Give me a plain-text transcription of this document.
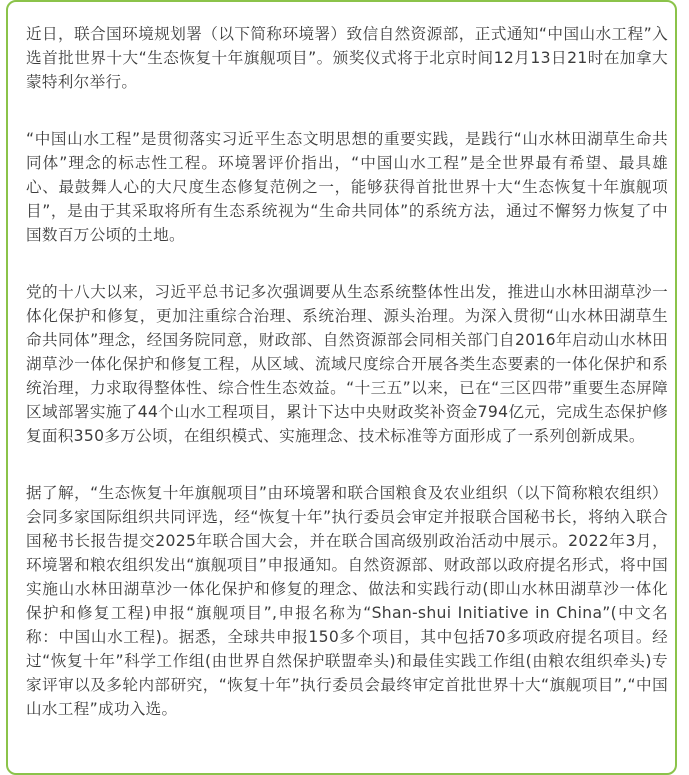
近日，联合国环境规划署（以下简称环境署）致信自然资源部，正式通知“中国山水工程”入选首批世界十大“生态恢复十年旗舰项目”。颁奖仪式将于北京时间12月13日21时在加拿大蒙特利尔举行。

“中国山水工程”是贯彻落实习近平生态文明思想的重要实践，是践行“山水林田湖草生命共同体”理念的标志性工程。环境署评价指出，“中国山水工程”是全世界最有希望、最具雄心、最鼓舞人心的大尺度生态修复范例之一，能够获得首批世界十大“生态恢复十年旗舰项目”，是由于其采取将所有生态系统视为“生命共同体”的系统方法，通过不懈努力恢复了中国数百万公顷的土地。

党的十八大以来，习近平总书记多次强调要从生态系统整体性出发，推进山水林田湖草沙一体化保护和修复，更加注重综合治理、系统治理、源头治理。为深入贯彻“山水林田湖草生命共同体”理念，经国务院同意，财政部、自然资源部会同相关部门自2016年启动山水林田湖草沙一体化保护和修复工程，从区域、流域尺度综合开展各类生态要素的一体化保护和系统治理，力求取得整体性、综合性生态效益。“十三五”以来，已在“三区四带”重要生态屏障区域部署实施了44个山水工程项目，累计下达中央财政奖补资金794亿元，完成生态保护修复面积350多万公顷，在组织模式、实施理念、技术标准等方面形成了一系列创新成果。

据了解，“生态恢复十年旗舰项目”由环境署和联合国粮食及农业组织（以下简称粮农组织）会同多家国际组织共同评选，经“恢复十年”执行委员会审定并报联合国秘书长，将纳入联合国秘书长报告提交2025年联合国大会，并在联合国高级别政治活动中展示。2022年3月，环境署和粮农组织发出“旗舰项目”申报通知。自然资源部、财政部以政府提名形式，将中国实施山水林田湖草沙一体化保护和修复的理念、做法和实践行动(即山水林田湖草沙一体化保护和修复工程)申报“旗舰项目”,申报名称为“Shan-shui Initiative in China”(中文名称：中国山水工程)。据悉，全球共申报150多个项目，其中包括70多项政府提名项目。经过“恢复十年”科学工作组(由世界自然保护联盟牵头)和最佳实践工作组(由粮农组织牵头)专家评审以及多轮内部研究，“恢复十年”执行委员会最终审定首批世界十大“旗舰项目”,“中国山水工程”成功入选。
